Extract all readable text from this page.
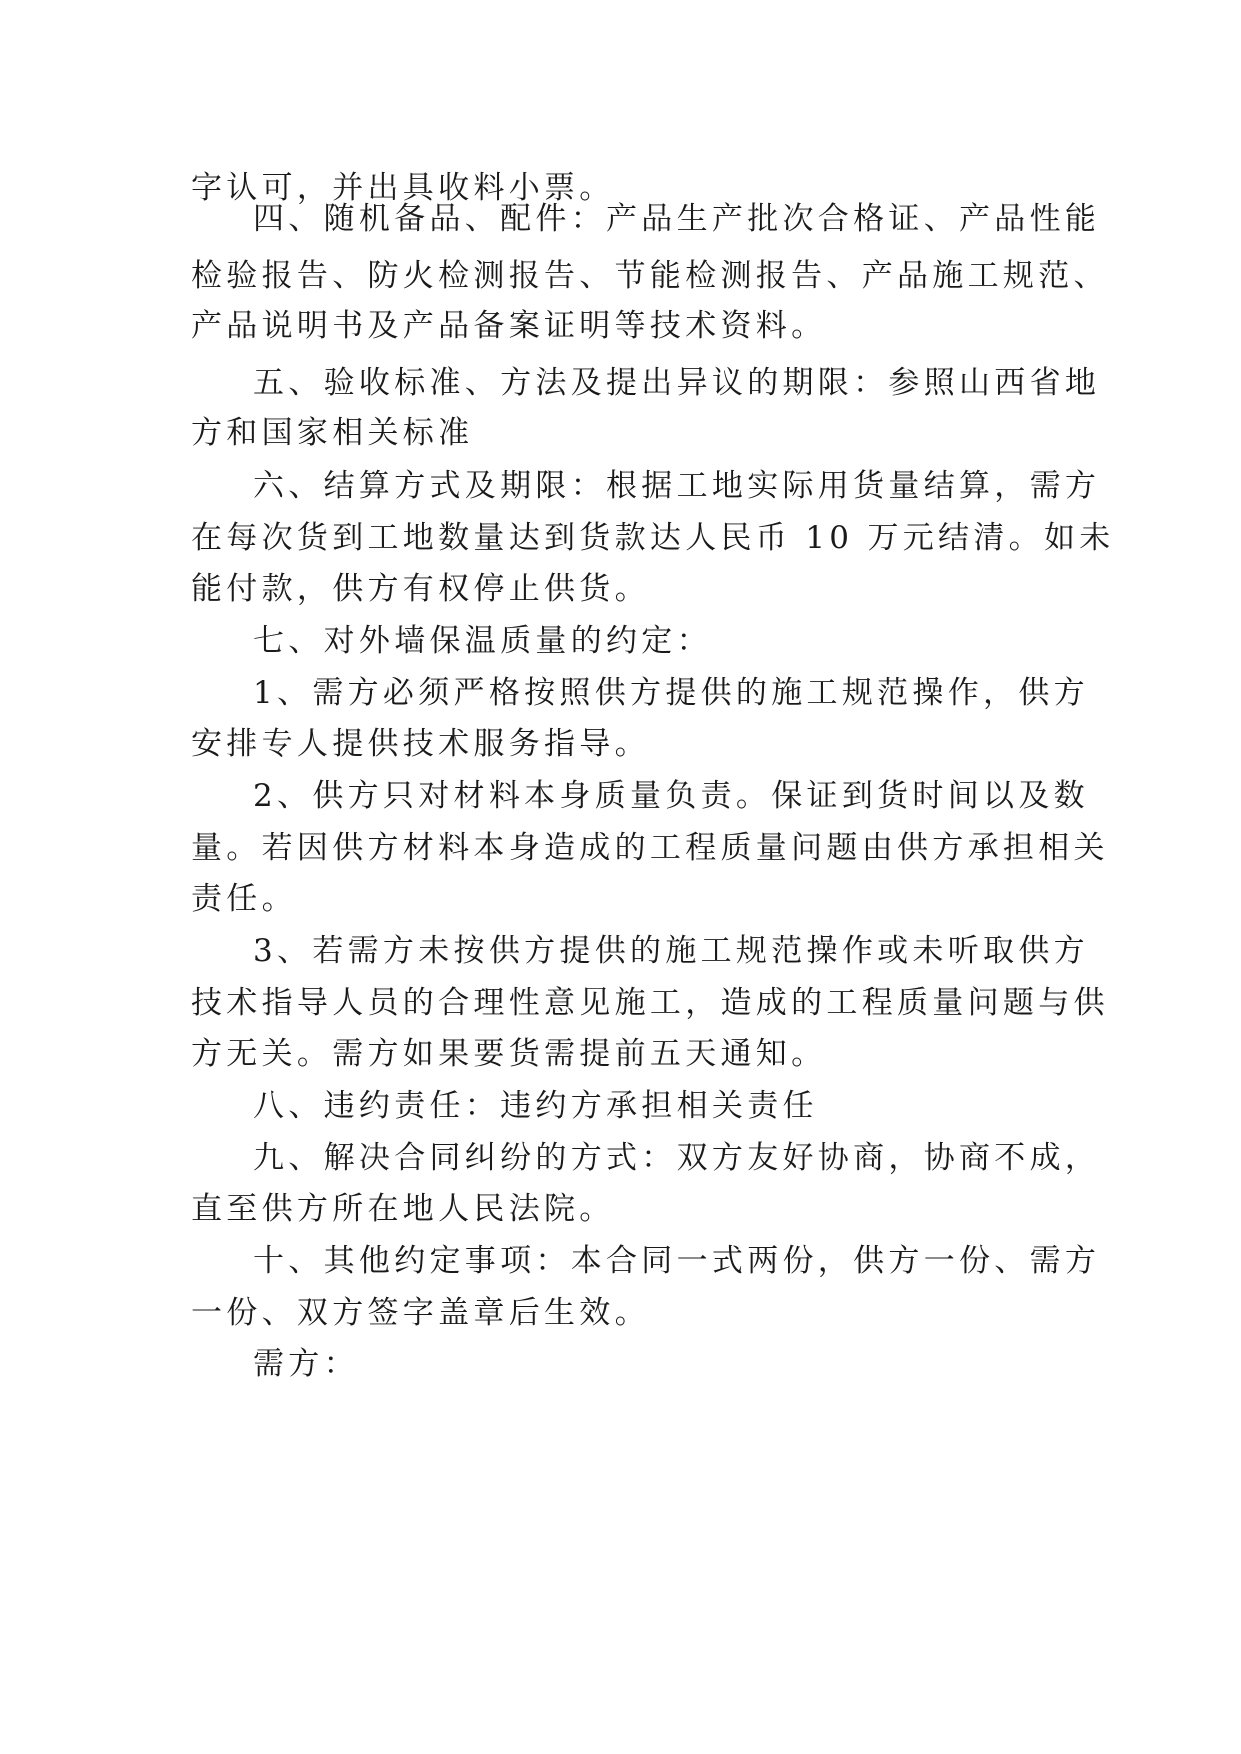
字认可，并出具收料小票。
四、随机备品、配件：产品生产批次合格证、产品性能
检验报告、防火检测报告、节能检测报告、产品施工规范、
产品说明书及产品备案证明等技术资料。
五、验收标准、方法及提出异议的期限：参照山西省地
方和国家相关标准
六、结算方式及期限：根据工地实际用货量结算，需方
在每次货到工地数量达到货款达人民币 10 万元结清。如未
能付款，供方有权停止供货。
七、对外墙保温质量的约定：
1、需方必须严格按照供方提供的施工规范操作，供方
安排专人提供技术服务指导。
2、供方只对材料本身质量负责。保证到货时间以及数
量。若因供方材料本身造成的工程质量问题由供方承担相关
责任。
3、若需方未按供方提供的施工规范操作或未听取供方
技术指导人员的合理性意见施工，造成的工程质量问题与供
方无关。需方如果要货需提前五天通知。
八、违约责任：违约方承担相关责任
九、解决合同纠纷的方式：双方友好协商，协商不成，
直至供方所在地人民法院。
十、其他约定事项：本合同一式两份，供方一份、需方
一份、双方签字盖章后生效。
需方：
